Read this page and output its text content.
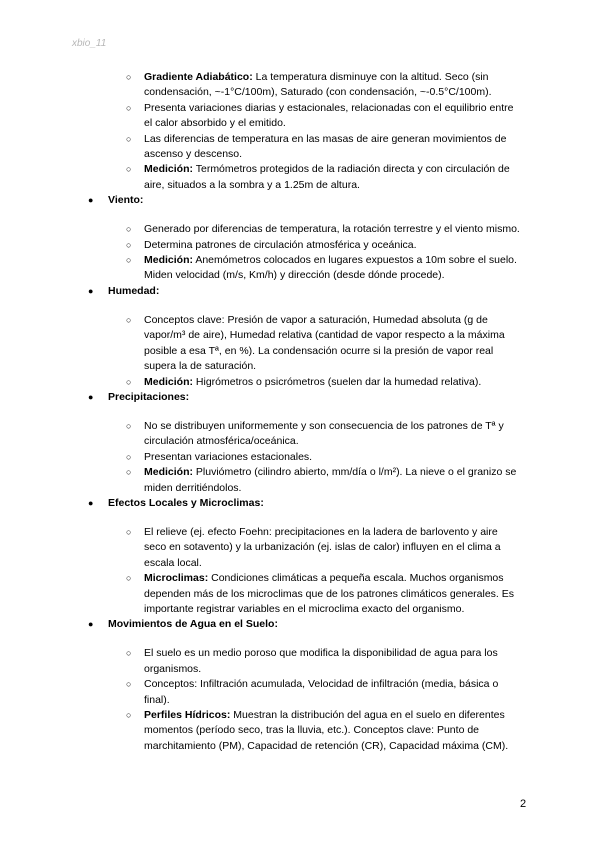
xbio_11
○ Gradiente Adiabático: La temperatura disminuye con la altitud. Seco (sin condensación, ~-1°C/100m), Saturado (con condensación, ~-0.5°C/100m).
○ Presenta variaciones diarias y estacionales, relacionadas con el equilibrio entre el calor absorbido y el emitido.
○ Las diferencias de temperatura en las masas de aire generan movimientos de ascenso y descenso.
○ Medición: Termómetros protegidos de la radiación directa y con circulación de aire, situados a la sombra y a 1.25m de altura.
● Viento:
○ Generado por diferencias de temperatura, la rotación terrestre y el viento mismo.
○ Determina patrones de circulación atmosférica y oceánica.
○ Medición: Anemómetros colocados en lugares expuestos a 10m sobre el suelo. Miden velocidad (m/s, Km/h) y dirección (desde dónde procede).
● Humedad:
○ Conceptos clave: Presión de vapor a saturación, Humedad absoluta (g de vapor/m³ de aire), Humedad relativa (cantidad de vapor respecto a la máxima posible a esa Tª, en %). La condensación ocurre si la presión de vapor real supera la de saturación.
○ Medición: Higrómetros o psicrómetros (suelen dar la humedad relativa).
● Precipitaciones:
○ No se distribuyen uniformemente y son consecuencia de los patrones de Tª y circulación atmosférica/oceánica.
○ Presentan variaciones estacionales.
○ Medición: Pluviómetro (cilindro abierto, mm/día o l/m²). La nieve o el granizo se miden derritiéndolos.
● Efectos Locales y Microclimas:
○ El relieve (ej. efecto Foehn: precipitaciones en la ladera de barlovento y aire seco en sotavento) y la urbanización (ej. islas de calor) influyen en el clima a escala local.
○ Microclimas: Condiciones climáticas a pequeña escala. Muchos organismos dependen más de los microclimas que de los patrones climáticos generales. Es importante registrar variables en el microclima exacto del organismo.
● Movimientos de Agua en el Suelo:
○ El suelo es un medio poroso que modifica la disponibilidad de agua para los organismos.
○ Conceptos: Infiltración acumulada, Velocidad de infiltración (media, básica o final).
○ Perfiles Hídricos: Muestran la distribución del agua en el suelo en diferentes momentos (período seco, tras la lluvia, etc.). Conceptos clave: Punto de marchitamiento (PM), Capacidad de retención (CR), Capacidad máxima (CM).
2
